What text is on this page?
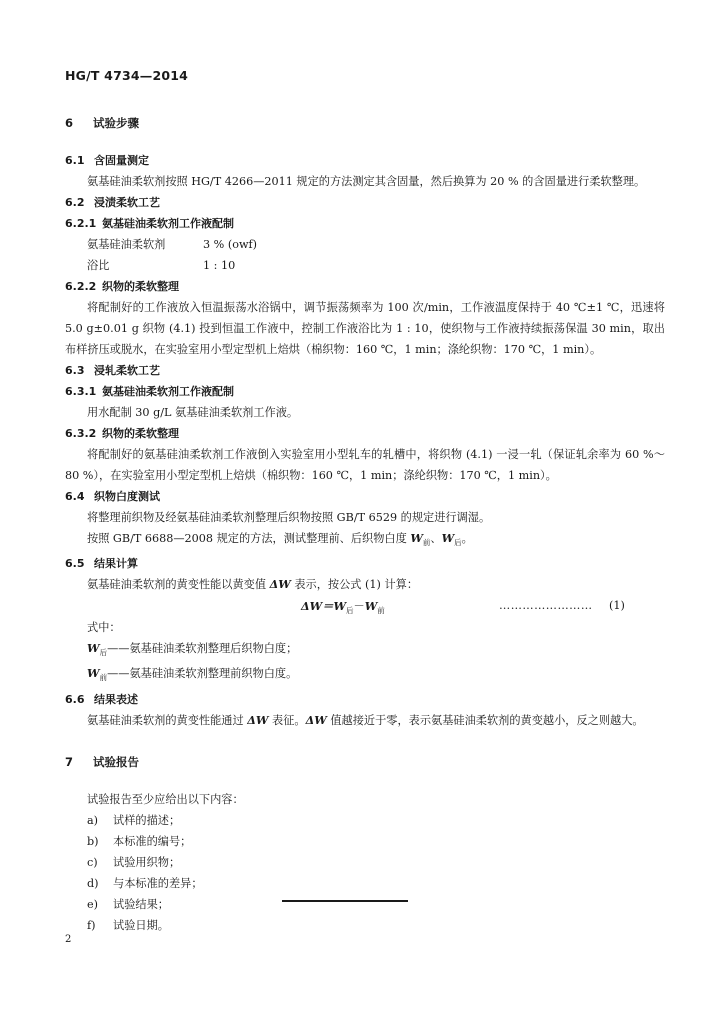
HG/T 4734—2014
6 试验步骤
6.1 含固量测定
氨基硅油柔软剂按照 HG/T 4266—2011 规定的方法测定其含固量，然后换算为 20 % 的含固量进行柔软整理。
6.2 浸渍柔软工艺
6.2.1 氨基硅油柔软剂工作液配制
氨基硅油柔软剂	3 % (owf)
浴比	1 : 10
6.2.2 织物的柔软整理
将配制好的工作液放入恒温振荡水浴锅中，调节振荡频率为 100 次/min，工作液温度保持于 40 ℃±1 ℃，迅速将 5.0 g±0.01 g 织物 (4.1) 投到恒温工作液中，控制工作液浴比为 1 : 10，使织物与工作液持续振荡保温 30 min，取出布样挤压或脱水，在实验室用小型定型机上焙烘（棉织物：160 ℃，1 min；涤纶织物：170 ℃，1 min）。
6.3 浸轧柔软工艺
6.3.1 氨基硅油柔软剂工作液配制
用水配制 30 g/L 氨基硅油柔软剂工作液。
6.3.2 织物的柔软整理
将配制好的氨基硅油柔软剂工作液倒入实验室用小型轧车的轧槽中，将织物 (4.1) 一浸一轧（保证轧余率为 60 %～80 %），在实验室用小型定型机上焙烘（棉织物：160 ℃，1 min；涤纶织物：170 ℃，1 min）。
6.4 织物白度测试
将整理前织物及经氨基硅油柔软剂整理后织物按照 GB/T 6529 的规定进行调湿。
按照 GB/T 6688—2008 规定的方法，测试整理前、后织物白度 $W_前$、$W_后$。
6.5 结果计算
氨基硅油柔软剂的黄变性能以黄变值 ΔW 表示，按公式 (1) 计算：
$\Delta W=W_后-W_前$	…………………… (1)
式中：
$W_后——$氨基硅油柔软剂整理后织物白度；
$W_前——$氨基硅油柔软剂整理前织物白度。
6.6 结果表述
氨基硅油柔软剂的黄变性能通过 ΔW 表征。ΔW 值越接近于零，表示氨基硅油柔软剂的黄变越小，反之则越大。
7 试验报告
试验报告至少应给出以下内容：
a) 试样的描述；
b) 本标准的编号；
c) 试验用织物；
d) 与本标准的差异；
e) 试验结果；
f) 试验日期。
2
